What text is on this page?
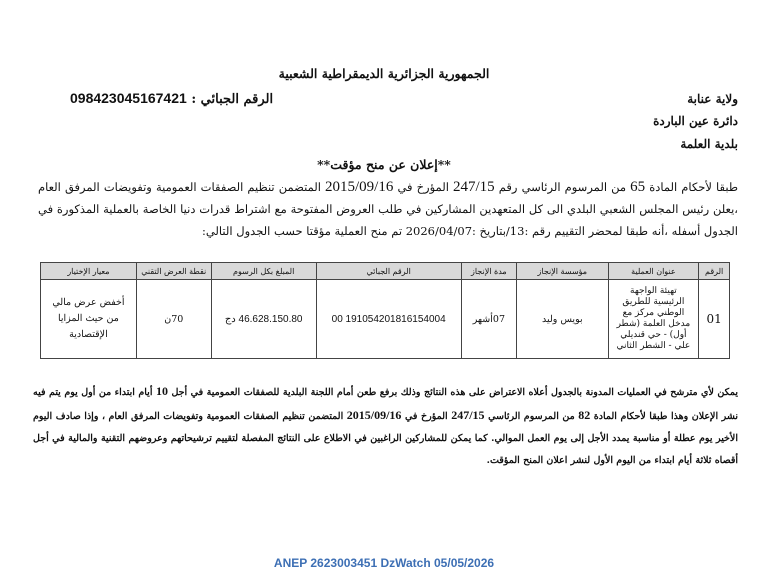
الجمهورية الجزائرية الديمقراطية الشعبية
الرقم الجبائي : 098423045167421	ولاية عنابة
دائرة عين الباردة
بلدية العلمة
**إعلان عن منح مؤقت**
طبقا لأحكام المادة 65 من المرسوم الرئاسي رقم 247/15 المؤرخ في 2015/09/16 المتضمن تنظيم الصفقات العمومية وتفويضات المرفق العام ،يعلن رئيس المجلس الشعبي البلدي الى كل المتعهدين المشاركين في طلب العروض المفتوحة مع اشتراط قدرات دنيا الخاصة بالعملية المذكورة في الجدول أسفله ،أنه طبقا لمحضر التقييم رقم :13/بتاريخ :2026/04/07 تم منح العملية مؤقتا حسب الجدول التالي:
الرقم	عنوان العملية	مؤسسة الإنجاز	مدة الإنجاز	الرقم الجبائي	المبلغ بكل الرسوم	نقطة العرض التقني	معيار الإختيار
01	تهيئة الواجهة الرئيسية للطريق الوطني مركز مع مدخل العلمة (شطر أول) - حي قنديلي علي - الشطر الثاني	بويس وليد	07أشهر	191054201816154004 00	46.628.150.80 دج	70ن	أخفض عرض مالي من حيث المزايا الإقتصادية
يمكن لأي مترشح في العمليات المدونة بالجدول أعلاه الاعتراض على هذه النتائج وذلك برفع طعن أمام اللجنة البلدية للصفقات العمومية في أجل 10 أيام ابتداء من أول يوم يتم فيه نشر الإعلان وهذا طبقا لأحكام المادة 82 من المرسوم الرئاسي 247/15 المؤرخ في 2015/09/16 المتضمن تنظيم الصفقات العمومية وتفويضات المرفق العام ، وإذا صادف اليوم الأخير يوم عطلة أو مناسبة يمدد الأجل إلى يوم العمل الموالي. كما يمكن للمشاركين الراغبين في الاطلاع على النتائج المفصلة لتقييم ترشيحاتهم وعروضهم التقنية والمالية في أجل أقصاه ثلاثة أيام ابتداء من اليوم الأول لنشر اعلان المنح المؤقت.
ANEP 2623003451 DzWatch 05/05/2026
